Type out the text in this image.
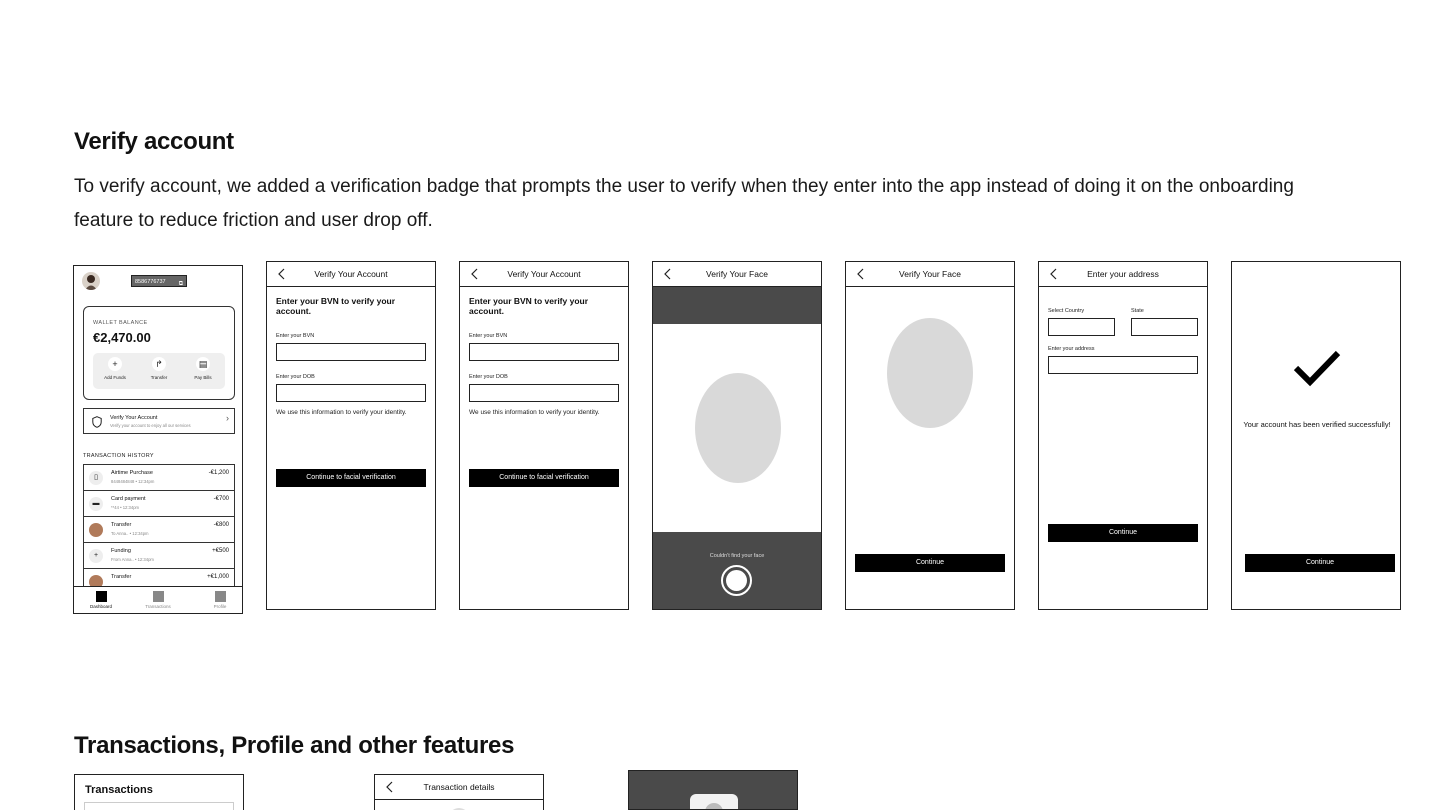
Verify account
To verify account, we added a verification badge that prompts the user to verify when they enter into the app instead of doing it on the onboarding feature to reduce friction and user drop off.
8586776737 ⧉
WALLET BALANCE
€2,470.00
+
Add Funds
↱
Transfer
▤
Pay Bills
Verify Your Account
Verify your account to enjoy all our services
›
TRANSACTION HISTORY
▯
Airtime Purchase
8448484848 • 12:34pm
-€1,200
▬
Card payment
**44 • 12:34pm
-€700
Transfer
To Anna.. • 12:34pm
-€800
+
Funding
From Anna.. • 12:34pm
+€500
Transfer	+€1,000
Dashboard	Transactions	Profile
Verify Your Account
Enter your BVN to verify your account.
Enter your BVN
Enter your DOB
We use this information to verify your identity.
Continue to facial verification
Verify Your Account
Enter your BVN to verify your account.
Enter your BVN
Enter your DOB
We use this information to verify your identity.
Continue to facial verification
Verify Your Face
Couldn't find your face
Verify Your Face
Continue
Enter your address
Select Country	State
Enter your address
Continue
Your account has been verified successfully!
Continue
Transactions, Profile and other features
Transactions	Transaction details
